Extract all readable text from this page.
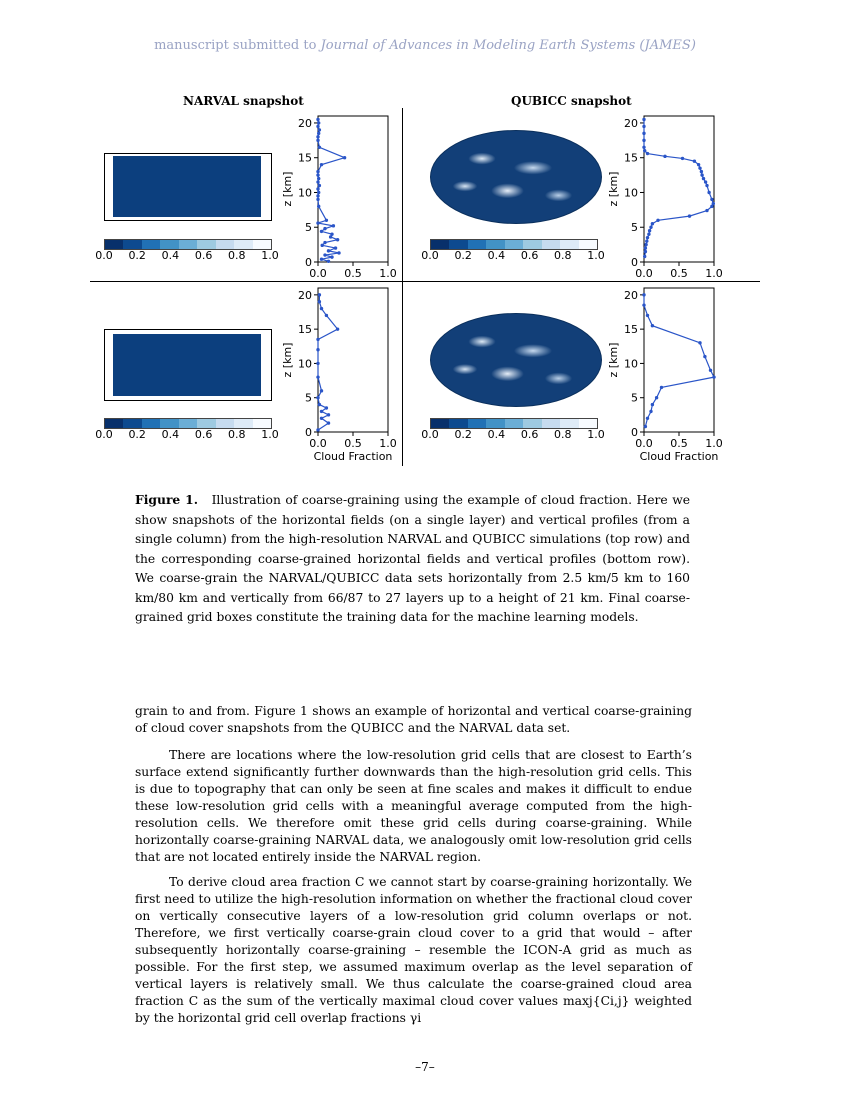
manuscript submitted to Journal of Advances in Modeling Earth Systems (JAMES)
NARVAL snapshot	QUBICC snapshot
0.0 0.2 0.4 0.6 0.8 1.0	0.0 0.2 0.4 0.6 0.8 1.0
0.0 0.2 0.4 0.6 0.8 1.0	0.0 0.2 0.4 0.6 0.8 1.0
0
5
10
15
20
0.0 0.5 1.0
z [km]
0
5
10
15
20
0.0 0.5 1.0
z [km]
0
5
10
15
20
0.0 0.5 1.0
z [km]
Cloud Fraction
0
5
10
15
20
0.0 0.5 1.0
z [km]
Cloud Fraction
Figure 1. Illustration of coarse-graining using the example of cloud fraction. Here we show snapshots of the horizontal fields (on a single layer) and vertical profiles (from a single column) from the high-resolution NARVAL and QUBICC simulations (top row) and the corresponding coarse-grained horizontal fields and vertical profiles (bottom row). We coarse-grain the NARVAL/QUBICC data sets horizontally from 2.5 km/5 km to 160 km/80 km and vertically from 66/87 to 27 layers up to a height of 21 km. Final coarse-grained grid boxes constitute the training data for the machine learning models.
grain to and from. Figure 1 shows an example of horizontal and vertical coarse-graining of cloud cover snapshots from the QUBICC and the NARVAL data set.
There are locations where the low-resolution grid cells that are closest to Earth’s surface extend significantly further downwards than the high-resolution grid cells. This is due to topography that can only be seen at fine scales and makes it difficult to endue these low-resolution grid cells with a meaningful average computed from the high-resolution cells. We therefore omit these grid cells during coarse-graining. While horizontally coarse-graining NARVAL data, we analogously omit low-resolution grid cells that are not located entirely inside the NARVAL region.
To derive cloud area fraction C we cannot start by coarse-graining horizontally. We first need to utilize the high-resolution information on whether the fractional cloud cover on vertically consecutive layers of a low-resolution grid column overlaps or not. Therefore, we first vertically coarse-grain cloud cover to a grid that would – after subsequently horizontally coarse-graining – resemble the ICON-A grid as much as possible. For the first step, we assumed maximum overlap as the level separation of vertical layers is relatively small. We thus calculate the coarse-grained cloud area fraction C as the sum of the vertically maximal cloud cover values maxj{Ci,j} weighted by the horizontal grid cell overlap fractions γi
–7–
